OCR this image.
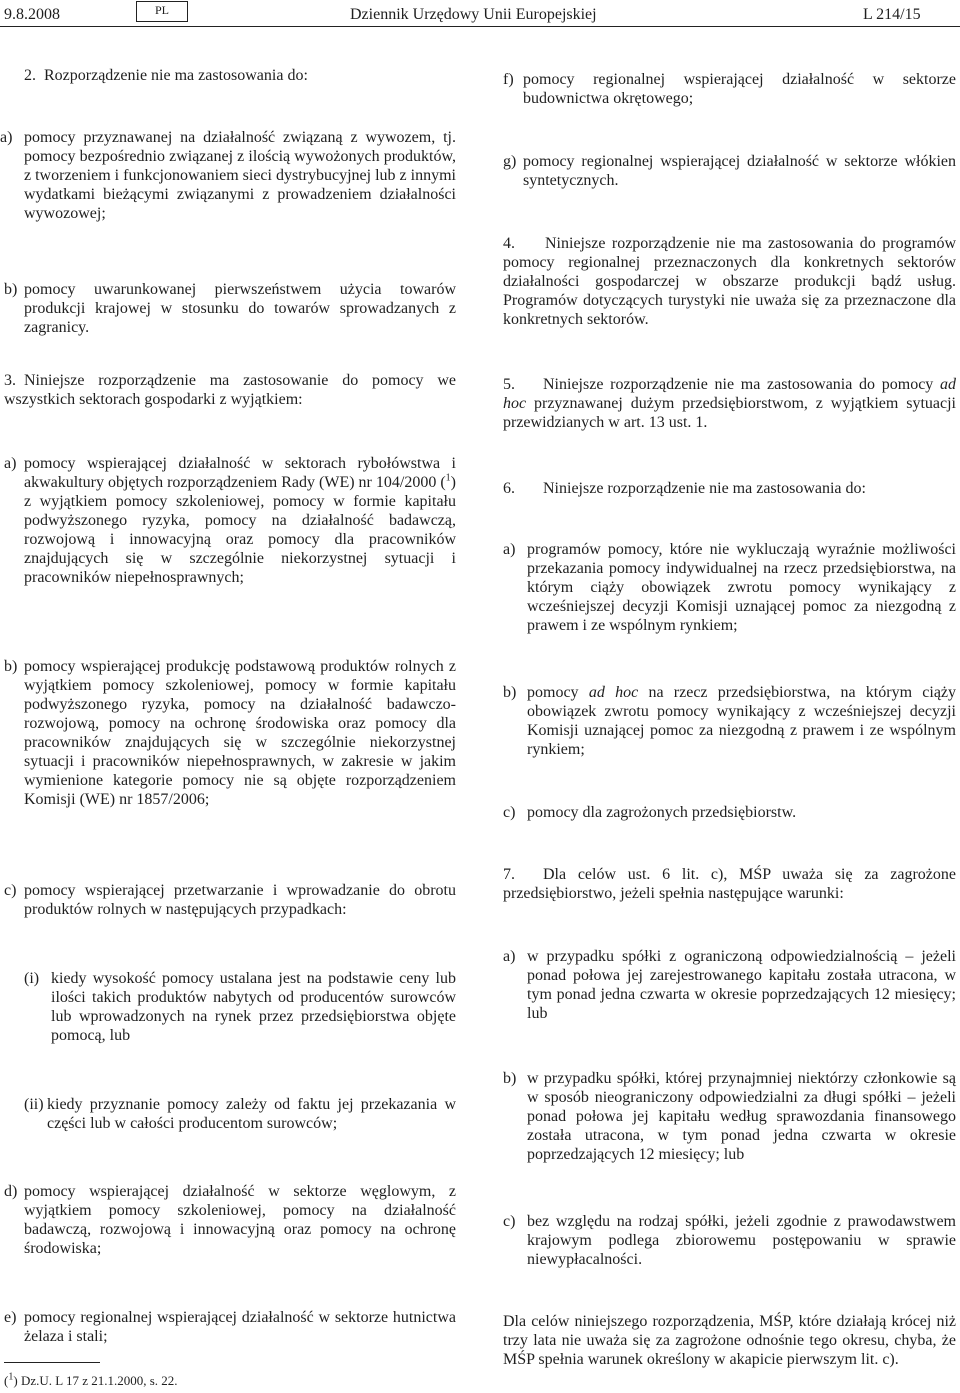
9.8.2008	PL	Dziennik Urzędowy Unii Europejskiej	L 214/15
2. Rozporządzenie nie ma zastosowania do:
a) pomocy przyznawanej na działalność związaną z wywozem, tj. pomocy bezpośrednio związanej z ilością wywożonych produktów, z tworzeniem i funkcjonowaniem sieci dystrybucyjnej lub z innymi wydatkami bieżącymi związanymi z prowadzeniem działalności wywozowej;
b) pomocy uwarunkowanej pierwszeństwem użycia towarów produkcji krajowej w stosunku do towarów sprowadzanych z zagranicy.
3. Niniejsze rozporządzenie ma zastosowanie do pomocy we wszystkich sektorach gospodarki z wyjątkiem:
a) pomocy wspierającej działalność w sektorach rybołówstwa i akwakultury objętych rozporządzeniem Rady (WE) nr 104/2000 ($^1$) z wyjątkiem pomocy szkoleniowej, pomocy w formie kapitału podwyższonego ryzyka, pomocy na działalność badawczą, rozwojową i innowacyjną oraz pomocy dla pracowników znajdujących się w szczególnie niekorzystnej sytuacji i pracowników niepełnosprawnych;
b) pomocy wspierającej produkcję podstawową produktów rolnych z wyjątkiem pomocy szkoleniowej, pomocy w formie kapitału podwyższonego ryzyka, pomocy na działalność badawczo-rozwojową, pomocy na ochronę środowiska oraz pomocy dla pracowników znajdujących się w szczególnie niekorzystnej sytuacji i pracowników niepełnosprawnych, w zakresie w jakim wymienione kategorie pomocy nie są objęte rozporządzeniem Komisji (WE) nr 1857/2006;
c) pomocy wspierającej przetwarzanie i wprowadzanie do obrotu produktów rolnych w następujących przypadkach:
(i) kiedy wysokość pomocy ustalana jest na podstawie ceny lub ilości takich produktów nabytych od producentów surowców lub wprowadzonych na rynek przez przedsiębiorstwa objęte pomocą, lub
(ii) kiedy przyznanie pomocy zależy od faktu jej przekazania w części lub w całości producentom surowców;
d) pomocy wspierającej działalność w sektorze węglowym, z wyjątkiem pomocy szkoleniowej, pomocy na działalność badawczą, rozwojową i innowacyjną oraz pomocy na ochronę środowiska;
e) pomocy regionalnej wspierającej działalność w sektorze hutnictwa żelaza i stali;
($^1$) Dz.U. L 17 z 21.1.2000, s. 22.
f) pomocy regionalnej wspierającej działalność w sektorze budownictwa okrętowego;
g) pomocy regionalnej wspierającej działalność w sektorze włókien syntetycznych.
4. Niniejsze rozporządzenie nie ma zastosowania do programów pomocy regionalnej przeznaczonych dla konkretnych sektorów działalności gospodarczej w obszarze produkcji bądź usług. Programów dotyczących turystyki nie uważa się za przeznaczone dla konkretnych sektorów.
5. Niniejsze rozporządzenie nie ma zastosowania do pomocy ad hoc przyznawanej dużym przedsiębiorstwom, z wyjątkiem sytuacji przewidzianych w art. 13 ust. 1.
6. Niniejsze rozporządzenie nie ma zastosowania do:
a) programów pomocy, które nie wykluczają wyraźnie możliwości przekazania pomocy indywidualnej na rzecz przedsiębiorstwa, na którym ciąży obowiązek zwrotu pomocy wynikający z wcześniejszej decyzji Komisji uznającej pomoc za niezgodną z prawem i ze wspólnym rynkiem;
b) pomocy ad hoc na rzecz przedsiębiorstwa, na którym ciąży obowiązek zwrotu pomocy wynikający z wcześniejszej decyzji Komisji uznającej pomoc za niezgodną z prawem i ze wspólnym rynkiem;
c) pomocy dla zagrożonych przedsiębiorstw.
7. Dla celów ust. 6 lit. c), MŚP uważa się za zagrożone przedsiębiorstwo, jeżeli spełnia następujące warunki:
a) w przypadku spółki z ograniczoną odpowiedzialnością – jeżeli ponad połowa jej zarejestrowanego kapitału została utracona, w tym ponad jedna czwarta w okresie poprzedzających 12 miesięcy; lub
b) w przypadku spółki, której przynajmniej niektórzy członkowie są w sposób nieograniczony odpowiedzialni za długi spółki – jeżeli ponad połowa jej kapitału według sprawozdania finansowego została utracona, w tym ponad jedna czwarta w okresie poprzedzających 12 miesięcy; lub
c) bez względu na rodzaj spółki, jeżeli zgodnie z prawodawstwem krajowym podlega zbiorowemu postępowaniu w sprawie niewypłacalności.
Dla celów niniejszego rozporządzenia, MŚP, które działają krócej niż trzy lata nie uważa się za zagrożone odnośnie tego okresu, chyba, że MŚP spełnia warunek określony w akapicie pierwszym lit. c).
